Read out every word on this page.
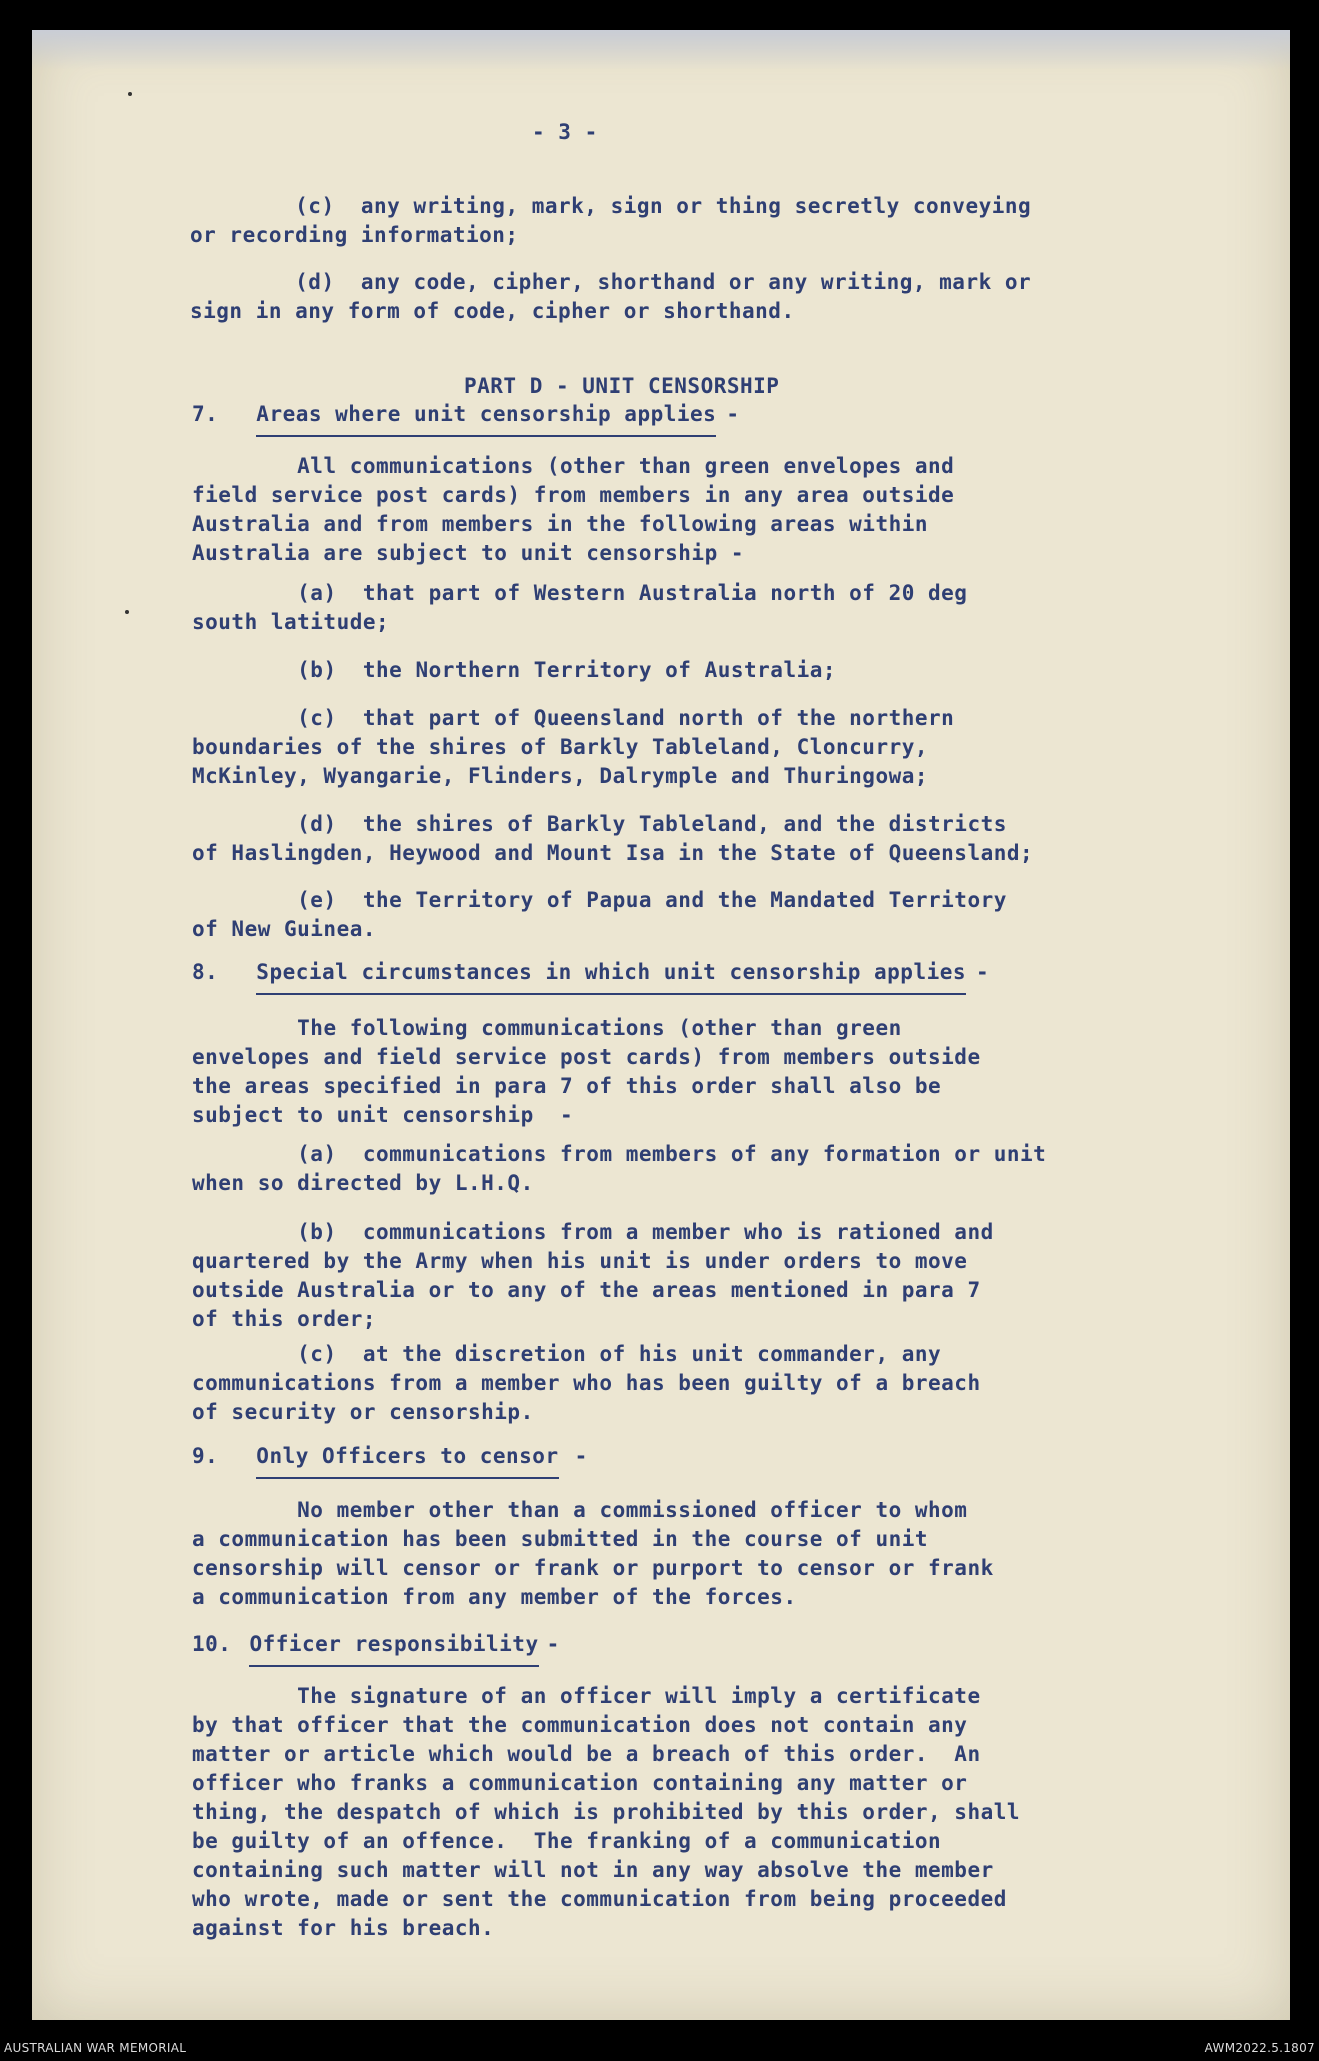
- 3 -
(c)  any writing, mark, sign or thing secretly conveying
or recording information;
(d)  any code, cipher, shorthand or any writing, mark or
sign in any form of code, cipher or shorthand.
PART D - UNIT CENSORSHIP
7. Areas where unit censorship applies -
All communications (other than green envelopes and
field service post cards) from members in any area outside
Australia and from members in the following areas within
Australia are subject to unit censorship -
(a)  that part of Western Australia north of 20 deg
south latitude;
(b)  the Northern Territory of Australia;
(c)  that part of Queensland north of the northern
boundaries of the shires of Barkly Tableland, Cloncurry,
McKinley, Wyangarie, Flinders, Dalrymple and Thuringowa;
(d)  the shires of Barkly Tableland, and the districts
of Haslingden, Heywood and Mount Isa in the State of Queensland;
(e)  the Territory of Papua and the Mandated Territory
of New Guinea.
8. Special circumstances in which unit censorship applies -
The following communications (other than green
envelopes and field service post cards) from members outside
the areas specified in para 7 of this order shall also be
subject to unit censorship  -
(a)  communications from members of any formation or unit
when so directed by L.H.Q.
(b)  communications from a member who is rationed and
quartered by the Army when his unit is under orders to move
outside Australia or to any of the areas mentioned in para 7
of this order;
(c)  at the discretion of his unit commander, any
communications from a member who has been guilty of a breach
of security or censorship.
9. Only Officers to censor -
No member other than a commissioned officer to whom
a communication has been submitted in the course of unit
censorship will censor or frank or purport to censor or frank
a communication from any member of the forces.
10. Officer responsibility -
The signature of an officer will imply a certificate
by that officer that the communication does not contain any
matter or article which would be a breach of this order.  An
officer who franks a communication containing any matter or
thing, the despatch of which is prohibited by this order, shall
be guilty of an offence.  The franking of a communication
containing such matter will not in any way absolve the member
who wrote, made or sent the communication from being proceeded
against for his breach.
AUSTRALIAN WAR MEMORIAL	AWM2022.5.1807
